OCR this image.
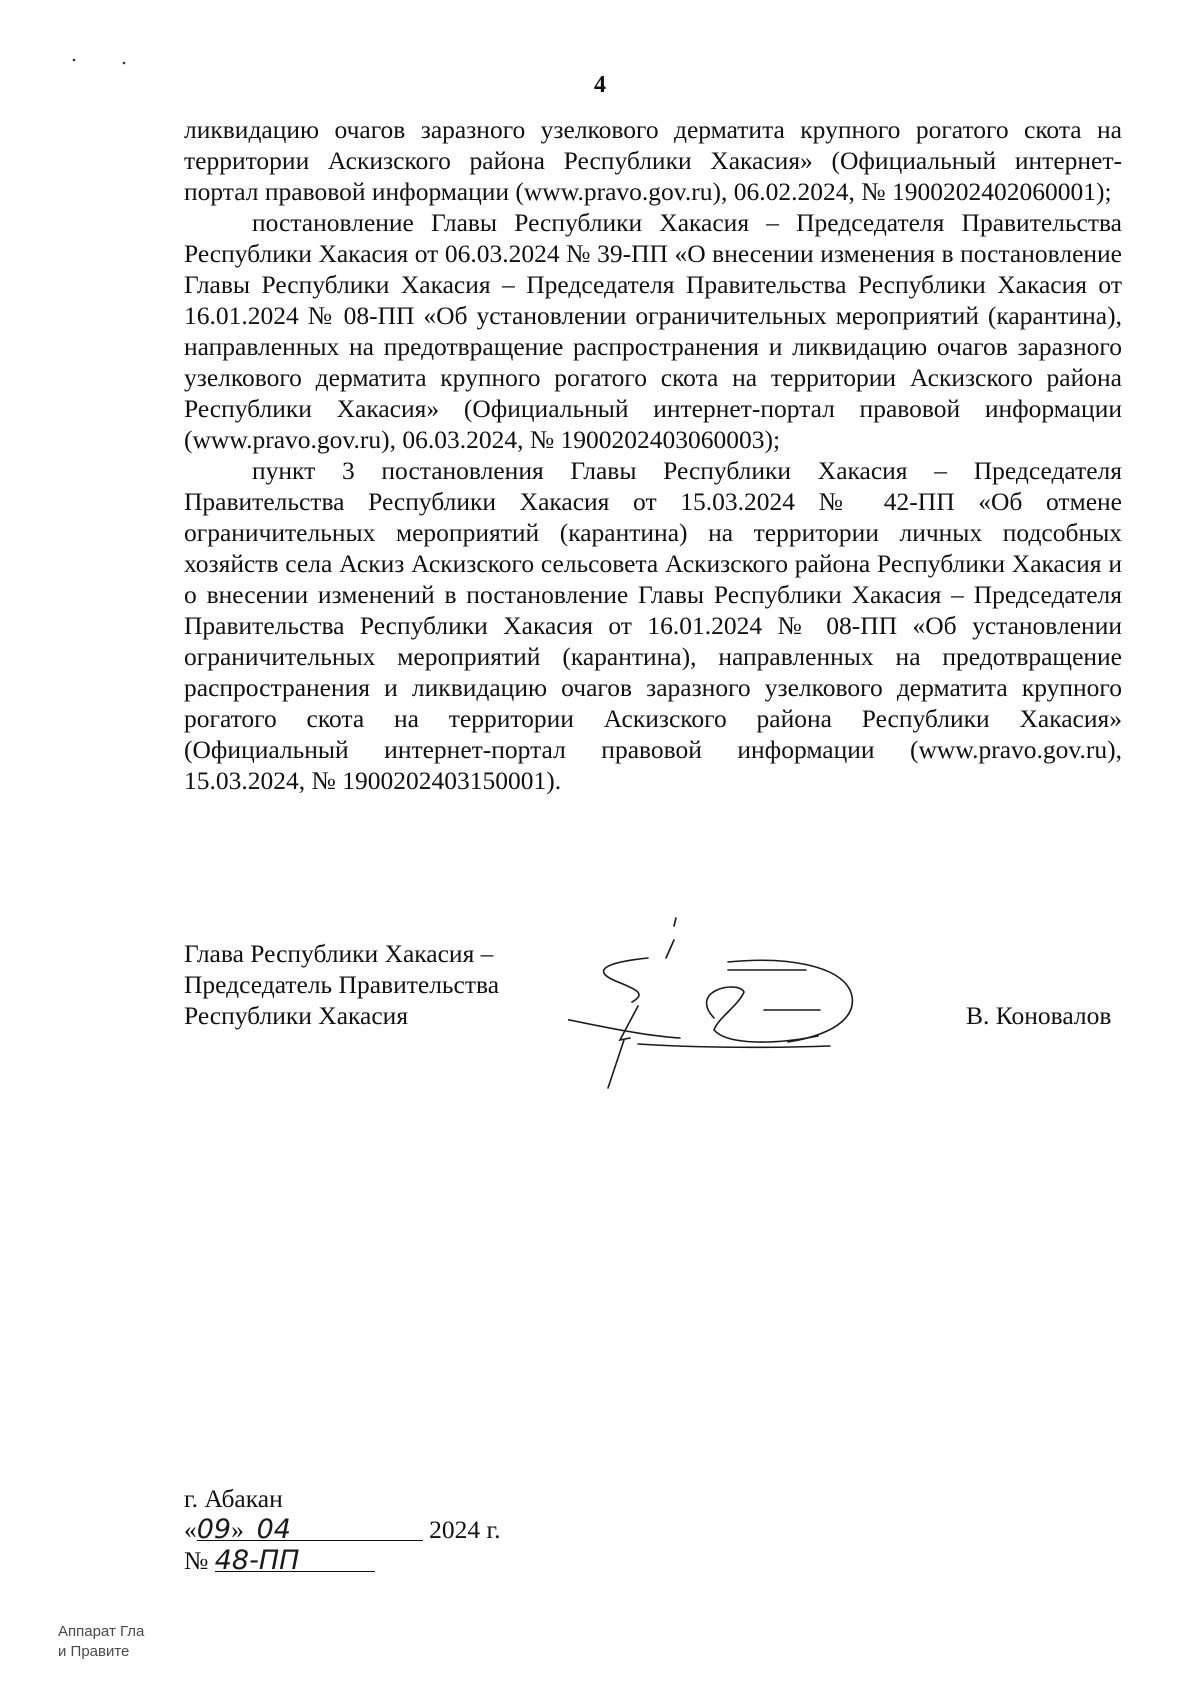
4

ликвидацию очагов заразного узелкового дерматита крупного рогатого скота на территории Аскизского района Республики Хакасия» (Официальный интернет-портал правовой информации (www.pravo.gov.ru), 06.02.2024, № 1900202402060001);

постановление Главы Республики Хакасия – Председателя Правительства Республики Хакасия от 06.03.2024 № 39-ПП «О внесении изменения в постановление Главы Республики Хакасия – Председателя Правительства Республики Хакасия от 16.01.2024 № 08-ПП «Об установлении ограничительных мероприятий (карантина), направленных на предотвращение распространения и ликвидацию очагов заразного узелкового дерматита крупного рогатого скота на территории Аскизского района Республики Хакасия» (Официальный интернет-портал правовой информации (www.pravo.gov.ru), 06.03.2024, № 1900202403060003);

пункт 3 постановления Главы Республики Хакасия – Председателя Правительства Республики Хакасия от 15.03.2024 № 42-ПП «Об отмене ограничительных мероприятий (карантина) на территории личных подсобных хозяйств села Аскиз Аскизского сельсовета Аскизского района Республики Хакасия и о внесении изменений в постановление Главы Республики Хакасия – Председателя Правительства Республики Хакасия от 16.01.2024 № 08-ПП «Об установлении ограничительных мероприятий (карантина), направленных на предотвращение распространения и ликвидацию очагов заразного узелкового дерматита крупного рогатого скота на территории Аскизского района Республики Хакасия» (Официальный интернет-портал правовой информации (www.pravo.gov.ru), 15.03.2024, № 1900202403150001).

Глава Республики Хакасия –
Председатель Правительства
Республики Хакасия	В. Коновалов
г. Абакан
«09» 04	2024 г.
№ 48-ПП
Аппарат Гла
и Правите
